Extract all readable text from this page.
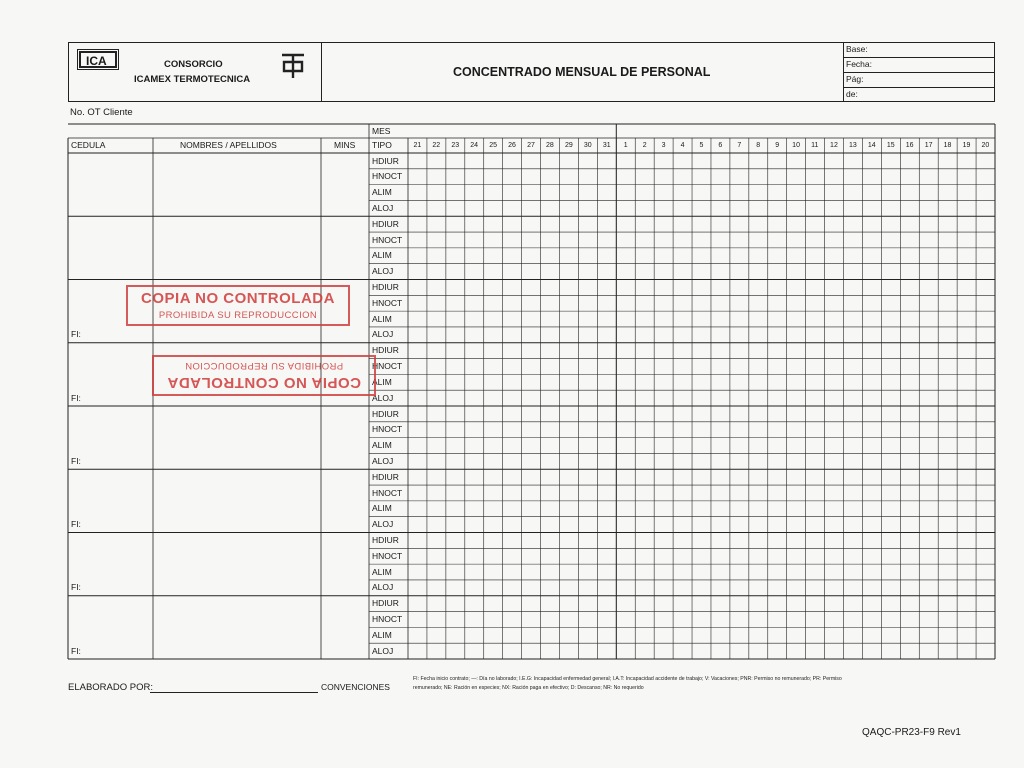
ICA	CONSORCIO
ICAMEX TERMOTECNICA
CONCENTRADO MENSUAL DE PERSONAL
Base:
Fecha:
Pág:
de:
No. OT Cliente
CEDULA	NOMBRES / APELLIDOS	MINS
MES
TIPO	21 22 23 24 25 26 27 28 29 30 31 1 2 3 4 5 6 7 8 9 10 11 12 13 14 15 16 17 18 19 20
HDIUR
HNOCT
ALIM
ALOJ
HDIUR
HNOCT
ALIM
ALOJ
HDIUR
HNOCT
ALIM
ALOJ
FI:
HDIUR
HNOCT
ALIM
ALOJ
FI:
HDIUR
HNOCT
ALIM
ALOJ
FI:
HDIUR
HNOCT
ALIM
ALOJ
FI:
HDIUR
HNOCT
ALIM
ALOJ
FI:
HDIUR
HNOCT
ALIM
ALOJ
FI:
COPIA NO CONTROLADA
PROHIBIDA SU REPRODUCCION
COPIA NO CONTROLADA
PROHIBIDA SU REPRODUCCION
ELABORADO POR:	CONVENCIONES
FI: Fecha inicio contrato; —: Día no laborado; I.E.G: Incapacidad enfermedad general; I.A.T: Incapacidad accidente de trabajo; V: Vacaciones; PNR: Permiso no remunerado; PR: Permiso
remunerado; NE: Ración en especies; NX: Ración paga en efectivo; D: Descanso; NR: No requerido
QAQC-PR23-F9 Rev1
